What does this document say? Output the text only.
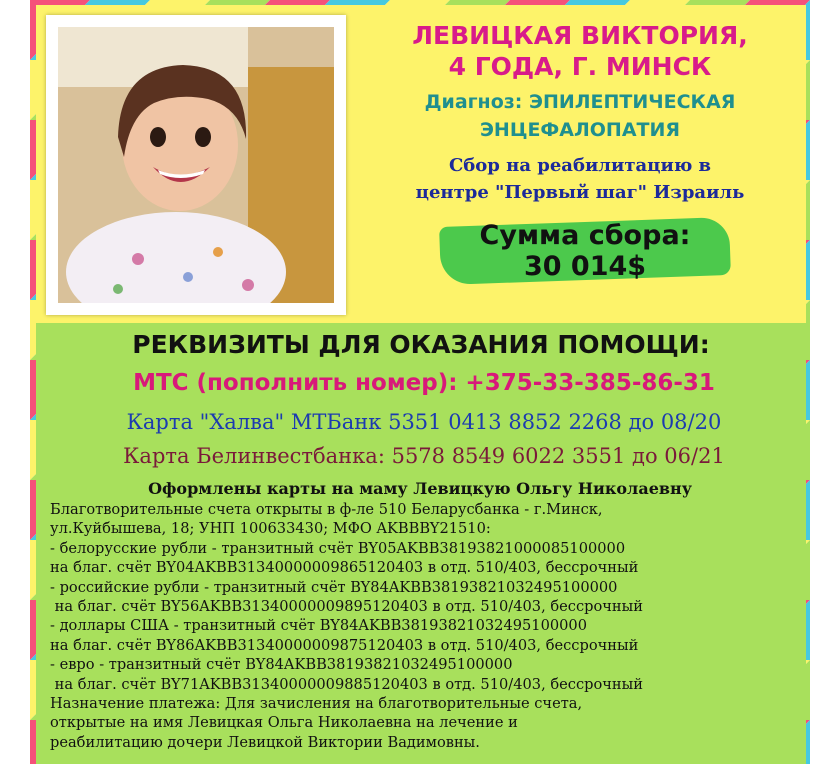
ЛЕВИЦКАЯ ВИКТОРИЯ,
4 ГОДА, Г. МИНСК
Диагноз: ЭПИЛЕПТИЧЕСКАЯ
ЭНЦЕФАЛОПАТИЯ
Сбор на реабилитацию в
центре "Первый шаг" Израиль
Сумма сбора:
30 014$
РЕКВИЗИТЫ ДЛЯ ОКАЗАНИЯ ПОМОЩИ:
МТС (пополнить номер): +375-33-385-86-31
Карта "Халва" МТБанк 5351 0413 8852 2268 до 08/20
Карта Белинвестбанка: 5578 8549 6022 3551 до 06/21
Оформлены карты на маму Левицкую Ольгу Николаевну
Благотворительные счета открыты в ф-ле 510 Беларусбанка - г.Минск,
ул.Куйбышева, 18; УНП 100633430; МФО AKBBBY21510:
- белорусские рубли - транзитный счёт BY05AKBB38193821000085100000
на благ. счёт BY04AKBB31340000009865120403 в отд. 510/403, бессрочный
- российские рубли - транзитный счёт BY84AKBB38193821032495100000
на благ. счёт BY56AKBB31340000009895120403 в отд. 510/403, бессрочный
- доллары США - транзитный счёт BY84AKBB38193821032495100000
на благ. счёт BY86AKBB31340000009875120403 в отд. 510/403, бессрочный
- евро - транзитный счёт BY84AKBB38193821032495100000
на благ. счёт BY71AKBB31340000009885120403 в отд. 510/403, бессрочный
Назначение платежа: Для зачисления на благотворительные счета,
открытые на имя Левицкая Ольга Николаевна на лечение и
реабилитацию дочери Левицкой Виктории Вадимовны.
